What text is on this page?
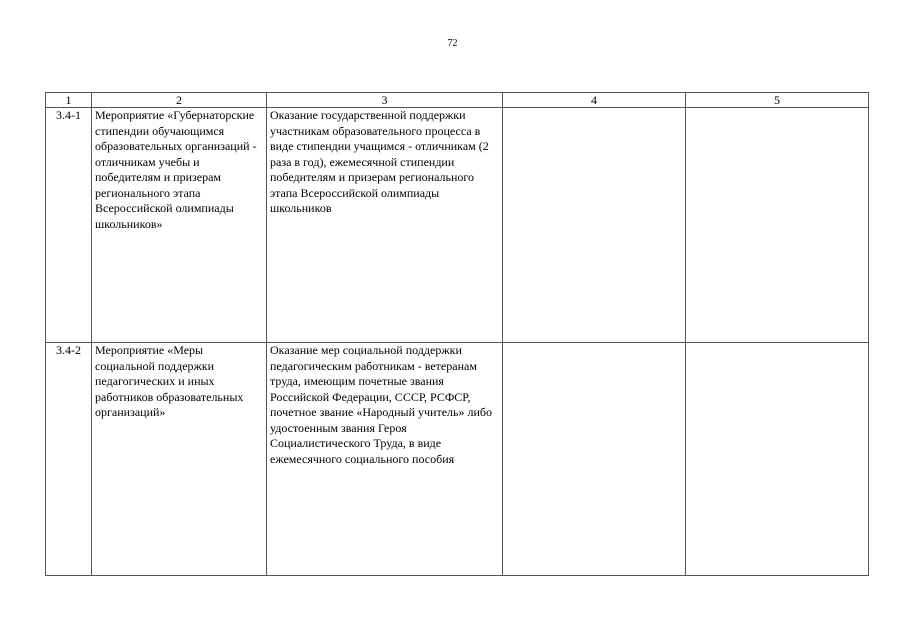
72
1	2	3	4	5
3.4-1	Мероприятие «Губернаторские стипендии обучающимся образовательных организаций - отличникам учебы и победителям и призерам регионального этапа Всероссийской олимпиады школьников»	Оказание государственной поддержки участникам образовательного процесса в виде стипендии учащимся - отличникам (2 раза в год), ежемесячной стипендии победителям и призерам регионального этапа Всероссийской олимпиады школьников		
3.4-2	Мероприятие «Меры социальной поддержки педагогических и иных работников образовательных организаций»	Оказание мер социальной поддержки педагогическим работникам - ветеранам труда, имеющим почетные звания Российской Федерации, СССР, РСФСР, почетное звание «Народный учитель» либо удостоенным звания Героя Социалистического Труда, в виде ежемесячного социального пособия		
